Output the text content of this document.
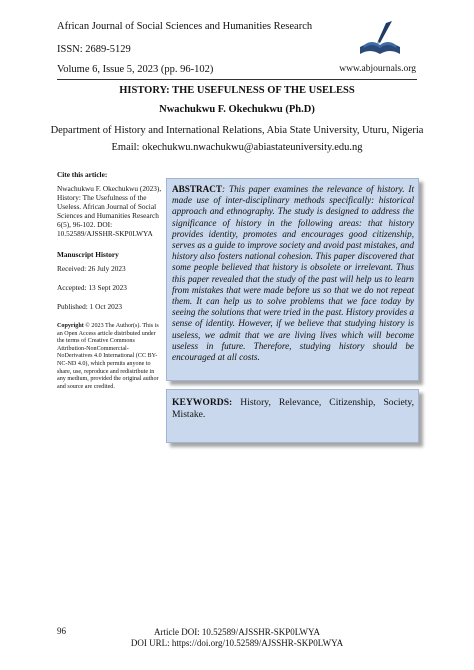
African Journal of Social Sciences and Humanities Research
ISSN: 2689-5129
Volume 6, Issue 5, 2023 (pp. 96-102)	www.abjournals.org
HISTORY: THE USEFULNESS OF THE USELESS
Nwachukwu F. Okechukwu (Ph.D)
Department of History and International Relations, Abia State University, Uturu, Nigeria
Email: okechukwu.nwachukwu@abiastateuniversity.edu.ng
Cite this article:
Nwachukwu F. Okechukwu (2023), History: The Usefulness of the Useless. African Journal of Social Sciences and Humanities Research 6(5), 96-102. DOI: 10.52589/AJSSHR-SKP0LWYA
Manuscript History
Received: 26 July 2023
Accepted: 13 Sept 2023
Published: 1 Oct 2023
Copyright © 2023 The Author(s). This is an Open Access article distributed under the terms of Creative Commons Attribution-NonCommercial-NoDerivatives 4.0 International (CC BY-NC-ND 4.0), which permits anyone to share, use, reproduce and redistribute in any medium, provided the original author and source are credited.
ABSTRACT: This paper examines the relevance of history. It made use of inter-disciplinary methods specifically: historical approach and ethnography. The study is designed to address the significance of history in the following areas: that history provides identity, promotes and encourages good citizenship, serves as a guide to improve society and avoid past mistakes, and history also fosters national cohesion. This paper discovered that some people believed that history is obsolete or irrelevant. Thus this paper revealed that the study of the past will help us to learn from mistakes that were made before us so that we do not repeat them. It can help us to solve problems that we face today by seeing the solutions that were tried in the past. History provides a sense of identity. However, if we believe that studying history is useless, we admit that we are living lives which will become useless in future. Therefore, studying history should be encouraged at all costs.
KEYWORDS: History, Relevance, Citizenship, Society, Mistake.
96	Article DOI: 10.52589/AJSSHR-SKP0LWYA
DOI URL: https://doi.org/10.52589/AJSSHR-SKP0LWYA
